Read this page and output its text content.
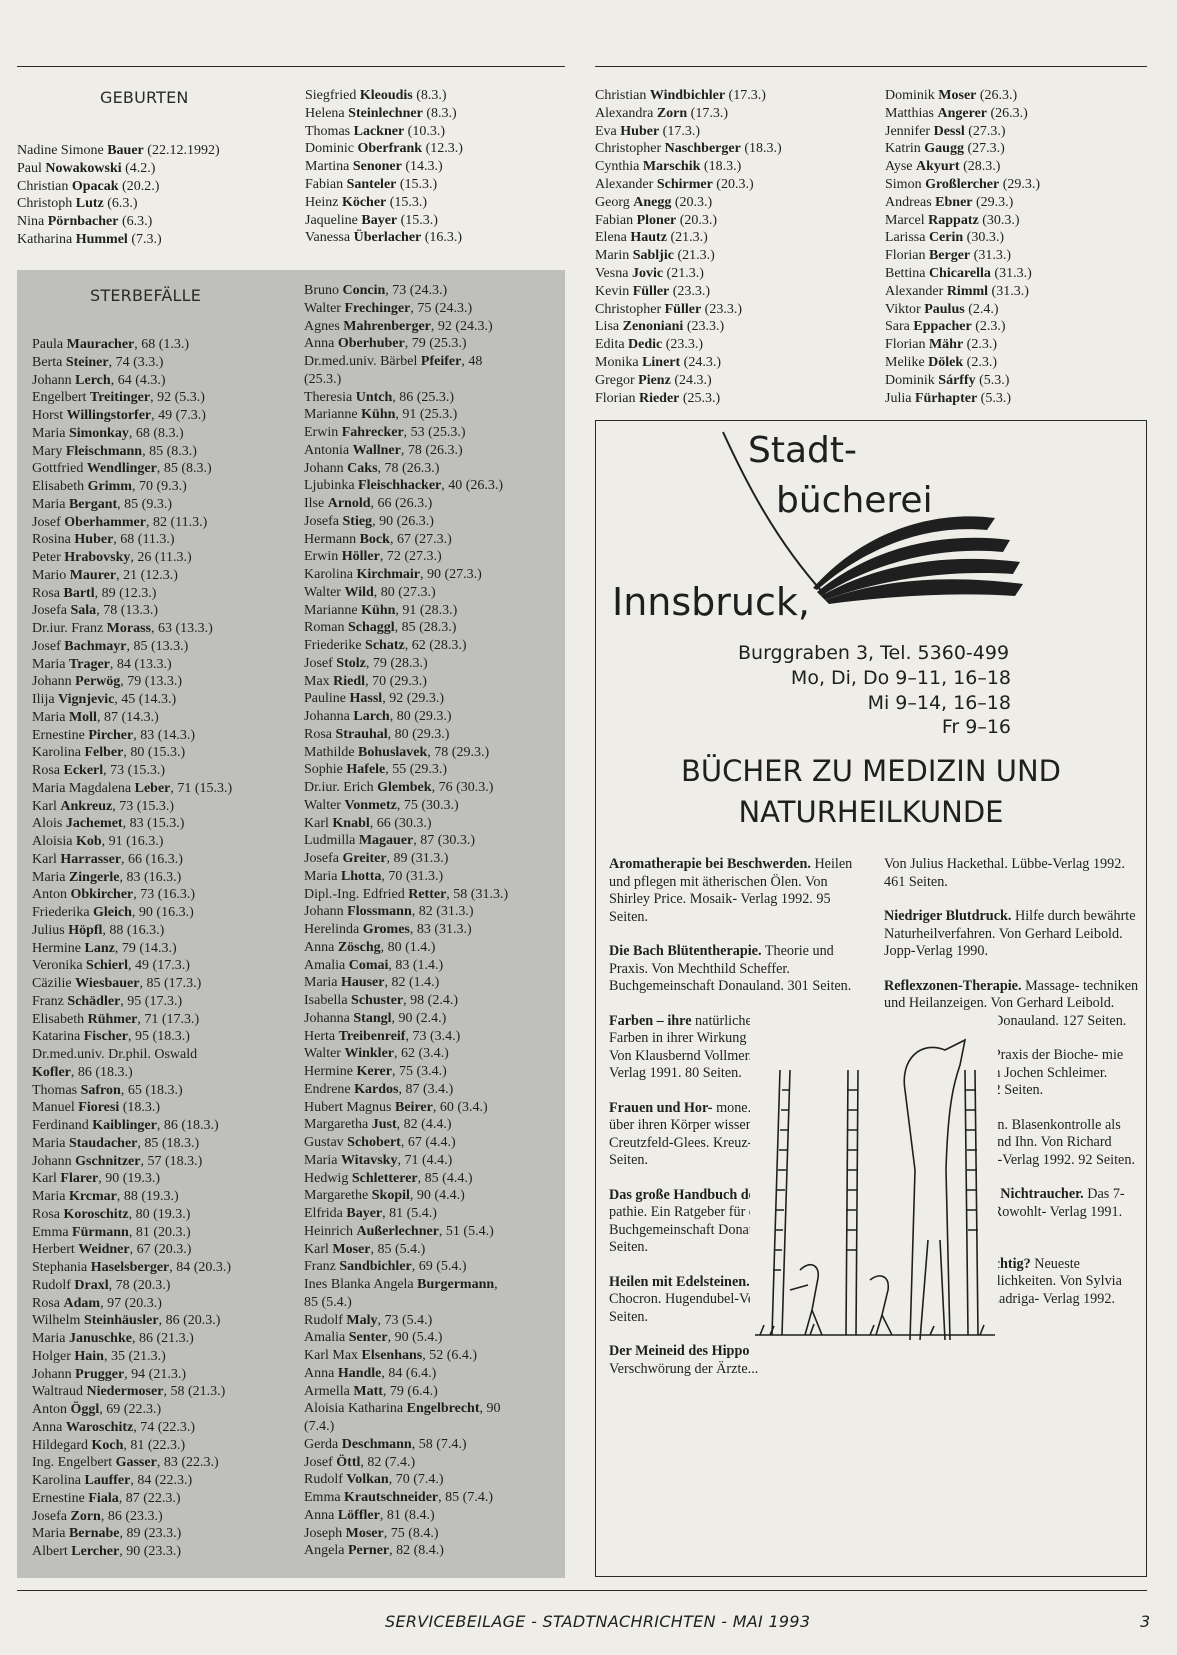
GEBURTEN
Nadine Simone Bauer (22.12.1992)
Paul Nowakowski (4.2.)
Christian Opacak (20.2.)
Christoph Lutz (6.3.)
Nina Pörnbacher (6.3.)
Katharina Hummel (7.3.)
Siegfried Kleoudis (8.3.)
Helena Steinlechner (8.3.)
Thomas Lackner (10.3.)
Dominic Oberfrank (12.3.)
Martina Senoner (14.3.)
Fabian Santeler (15.3.)
Heinz Köcher (15.3.)
Jaqueline Bayer (15.3.)
Vanessa Überlacher (16.3.)
Christian Windbichler (17.3.)
Alexandra Zorn (17.3.)
Eva Huber (17.3.)
Christopher Naschberger (18.3.)
Cynthia Marschik (18.3.)
Alexander Schirmer (20.3.)
Georg Anegg (20.3.)
Fabian Ploner (20.3.)
Elena Hautz (21.3.)
Marin Sabljic (21.3.)
Vesna Jovic (21.3.)
Kevin Füller (23.3.)
Christopher Füller (23.3.)
Lisa Zenoniani (23.3.)
Edita Dedic (23.3.)
Monika Linert (24.3.)
Gregor Pienz (24.3.)
Florian Rieder (25.3.)
Dominik Moser (26.3.)
Matthias Angerer (26.3.)
Jennifer Dessl (27.3.)
Katrin Gaugg (27.3.)
Ayse Akyurt (28.3.)
Simon Großlercher (29.3.)
Andreas Ebner (29.3.)
Marcel Rappatz (30.3.)
Larissa Cerin (30.3.)
Florian Berger (31.3.)
Bettina Chicarella (31.3.)
Alexander Rimml (31.3.)
Viktor Paulus (2.4.)
Sara Eppacher (2.3.)
Florian Mähr (2.3.)
Melike Dölek (2.3.)
Dominik Sárffy (5.3.)
Julia Fürhapter (5.3.)
STERBEFÄLLE
Paula Mauracher, 68 (1.3.)
Berta Steiner, 74 (3.3.)
Johann Lerch, 64 (4.3.)
Engelbert Treitinger, 92 (5.3.)
Horst Willingstorfer, 49 (7.3.)
Maria Simonkay, 68 (8.3.)
Mary Fleischmann, 85 (8.3.)
Gottfried Wendlinger, 85 (8.3.)
Elisabeth Grimm, 70 (9.3.)
Maria Bergant, 85 (9.3.)
Josef Oberhammer, 82 (11.3.)
Rosina Huber, 68 (11.3.)
Peter Hrabovsky, 26 (11.3.)
Mario Maurer, 21 (12.3.)
Rosa Bartl, 89 (12.3.)
Josefa Sala, 78 (13.3.)
Dr.iur. Franz Morass, 63 (13.3.)
Josef Bachmayr, 85 (13.3.)
Maria Trager, 84 (13.3.)
Johann Perwög, 79 (13.3.)
Ilija Vignjevic, 45 (14.3.)
Maria Moll, 87 (14.3.)
Ernestine Pircher, 83 (14.3.)
Karolina Felber, 80 (15.3.)
Rosa Eckerl, 73 (15.3.)
Maria Magdalena Leber, 71 (15.3.)
Karl Ankreuz, 73 (15.3.)
Alois Jachemet, 83 (15.3.)
Aloisia Kob, 91 (16.3.)
Karl Harrasser, 66 (16.3.)
Maria Zingerle, 83 (16.3.)
Anton Obkircher, 73 (16.3.)
Friederika Gleich, 90 (16.3.)
Julius Höpfl, 88 (16.3.)
Hermine Lanz, 79 (14.3.)
Veronika Schierl, 49 (17.3.)
Cäzilie Wiesbauer, 85 (17.3.)
Franz Schädler, 95 (17.3.)
Elisabeth Rühmer, 71 (17.3.)
Katarina Fischer, 95 (18.3.)
Dr.med.univ. Dr.phil. Oswald
Kofler, 86 (18.3.)
Thomas Safron, 65 (18.3.)
Manuel Fioresi (18.3.)
Ferdinand Kaiblinger, 86 (18.3.)
Maria Staudacher, 85 (18.3.)
Johann Gschnitzer, 57 (18.3.)
Karl Flarer, 90 (19.3.)
Maria Krcmar, 88 (19.3.)
Rosa Koroschitz, 80 (19.3.)
Emma Fürmann, 81 (20.3.)
Herbert Weidner, 67 (20.3.)
Stephania Haselsberger, 84 (20.3.)
Rudolf Draxl, 78 (20.3.)
Rosa Adam, 97 (20.3.)
Wilhelm Steinhäusler, 86 (20.3.)
Maria Januschke, 86 (21.3.)
Holger Hain, 35 (21.3.)
Johann Prugger, 94 (21.3.)
Waltraud Niedermoser, 58 (21.3.)
Anton Öggl, 69 (22.3.)
Anna Waroschitz, 74 (22.3.)
Hildegard Koch, 81 (22.3.)
Ing. Engelbert Gasser, 83 (22.3.)
Karolina Lauffer, 84 (22.3.)
Ernestine Fiala, 87 (22.3.)
Josefa Zorn, 86 (23.3.)
Maria Bernabe, 89 (23.3.)
Albert Lercher, 90 (23.3.)
Bruno Concin, 73 (24.3.)
Walter Frechinger, 75 (24.3.)
Agnes Mahrenberger, 92 (24.3.)
Anna Oberhuber, 79 (25.3.)
Dr.med.univ. Bärbel Pfeifer, 48
(25.3.)
Theresia Untch, 86 (25.3.)
Marianne Kühn, 91 (25.3.)
Erwin Fahrecker, 53 (25.3.)
Antonia Wallner, 78 (26.3.)
Johann Caks, 78 (26.3.)
Ljubinka Fleischhacker, 40 (26.3.)
Ilse Arnold, 66 (26.3.)
Josefa Stieg, 90 (26.3.)
Hermann Bock, 67 (27.3.)
Erwin Höller, 72 (27.3.)
Karolina Kirchmair, 90 (27.3.)
Walter Wild, 80 (27.3.)
Marianne Kühn, 91 (28.3.)
Roman Schaggl, 85 (28.3.)
Friederike Schatz, 62 (28.3.)
Josef Stolz, 79 (28.3.)
Max Riedl, 70 (29.3.)
Pauline Hassl, 92 (29.3.)
Johanna Larch, 80 (29.3.)
Rosa Strauhal, 80 (29.3.)
Mathilde Bohuslavek, 78 (29.3.)
Sophie Hafele, 55 (29.3.)
Dr.iur. Erich Glembek, 76 (30.3.)
Walter Vonmetz, 75 (30.3.)
Karl Knabl, 66 (30.3.)
Ludmilla Magauer, 87 (30.3.)
Josefa Greiter, 89 (31.3.)
Maria Lhotta, 70 (31.3.)
Dipl.-Ing. Edfried Retter, 58 (31.3.)
Johann Flossmann, 82 (31.3.)
Herelinda Gromes, 83 (31.3.)
Anna Zöschg, 80 (1.4.)
Amalia Comai, 83 (1.4.)
Maria Hauser, 82 (1.4.)
Isabella Schuster, 98 (2.4.)
Johanna Stangl, 90 (2.4.)
Herta Treibenreif, 73 (3.4.)
Walter Winkler, 62 (3.4.)
Hermine Kerer, 75 (3.4.)
Endrene Kardos, 87 (3.4.)
Hubert Magnus Beirer, 60 (3.4.)
Margaretha Just, 82 (4.4.)
Gustav Schobert, 67 (4.4.)
Maria Witavsky, 71 (4.4.)
Hedwig Schletterer, 85 (4.4.)
Margarethe Skopil, 90 (4.4.)
Elfrida Bayer, 81 (5.4.)
Heinrich Außerlechner, 51 (5.4.)
Karl Moser, 85 (5.4.)
Franz Sandbichler, 69 (5.4.)
Ines Blanka Angela Burgermann,
85 (5.4.)
Rudolf Maly, 73 (5.4.)
Amalia Senter, 90 (5.4.)
Karl Max Elsenhans, 52 (6.4.)
Anna Handle, 84 (6.4.)
Armella Matt, 79 (6.4.)
Aloisia Katharina Engelbrecht, 90
(7.4.)
Gerda Deschmann, 58 (7.4.)
Josef Öttl, 82 (7.4.)
Rudolf Volkan, 70 (7.4.)
Emma Krautschneider, 85 (7.4.)
Anna Löffler, 81 (8.4.)
Joseph Moser, 75 (8.4.)
Angela Perner, 82 (8.4.)
Stadt-
bücherei
Innsbruck,
Burggraben 3, Tel. 5360-499
Mo, Di, Do 9–11, 16–18
Mi 9–14, 16–18
Fr 9–16
BÜCHER ZU MEDIZIN UND
NATURHEILKUNDE
Aromatherapie bei Beschwerden. Heilen und pflegen mit ätherischen Ölen. Von Shirley Price. Mosaik- Verlag 1992. 95 Seiten.
Die Bach Blütentherapie. Theorie und Praxis. Von Mechthild Scheffer. Buchgemeinschaft Donauland. 301 Seiten.
Farben – ihre natürliche Heil- kraft. Farben in ihrer Wirkung auf unser Leben... Von Klausbernd Vollmer. Gräfe und Unzer Verlag 1991. 80 Seiten.
Frauen und Hor- mone. Was jede Frau über ihren Körper wissen sollte. Von Cora Creutzfeld-Glees. Kreuz-Verlag 1992. 314 Seiten.
Das große Handbuch der Homöo- pathie. Ein Ratgeber für die ganze Familie. Buchgemeinschaft Donau- land. 319 Seiten.
Heilen mit Edelsteinen. Von Daya Sarai Chocron. Hugendubel-Verlag 1992. 139 Seiten.
Der Meineid des Hippokrates. Von der Verschwörung der Ärzte...
Von Julius Hackethal. Lübbe-Verlag 1992. 461 Seiten.
Niedriger Blutdruck. Hilfe durch bewährte Naturheilverfahren. Von Gerhard Leibold. Jopp-Verlag 1990.
Reflexzonen-Therapie. Massage- techniken und Heilanzeigen. Von Gerhard Leibold. Buchgemeinschaft Donauland. 127 Seiten.
Salze des Lebens. Praxis der Bioche- mie nach Schüßler... Von Jochen Schleimer. Sonntag-Verlag. 192 Seiten.
Vom Drang zur Pein. Blasenkontrolle als Selbsthilfe für Sie und Ihn. Von Richard Millard. Ehrenwirth-Verlag 1992. 92 Seiten.
Vom Raucher zum Nichtraucher. Das 7-Stufen-Programm. Rowohlt- Verlag 1991. 87 Seiten.
Wie verhüte ich richtig? Neueste Methoden und Möglichkeiten. Von Sylvia Schneider. Beltz-Quadriga- Verlag 1992. 137 Seiten.
SERVICEBEILAGE - STADTNACHRICHTEN - MAI 1993	3
